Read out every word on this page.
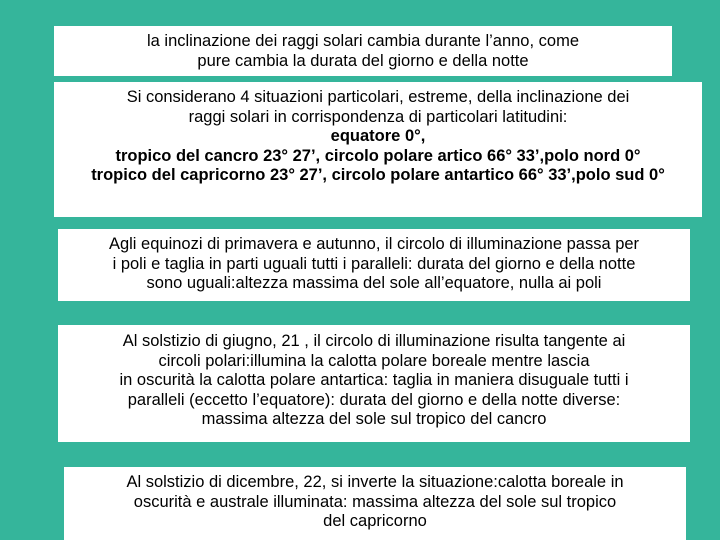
la inclinazione dei raggi solari cambia durante l’anno, come

pure cambia la durata del giorno e della notte

Si considerano 4 situazioni particolari, estreme, della inclinazione dei

raggi solari in corrispondenza di particolari latitudini:

equatore 0°,

tropico del cancro 23° 27’, circolo polare artico 66° 33’,polo nord 0°

tropico del capricorno 23° 27’, circolo polare antartico 66° 33’,polo sud 0°

Agli equinozi di primavera e autunno, il circolo di illuminazione passa per

i poli e taglia in parti uguali tutti i paralleli: durata del giorno e della notte

sono uguali:altezza massima del sole all’equatore, nulla ai poli

Al solstizio di giugno, 21 , il circolo di illuminazione risulta tangente ai

circoli polari:illumina la calotta polare boreale mentre lascia

in oscurità la calotta polare antartica: taglia in maniera disuguale tutti i

paralleli (eccetto l’equatore): durata del giorno e della notte diverse:

massima altezza del sole sul tropico del cancro

Al solstizio di dicembre, 22, si inverte la situazione:calotta boreale in

oscurità e australe illuminata: massima altezza del sole sul tropico

del capricorno
